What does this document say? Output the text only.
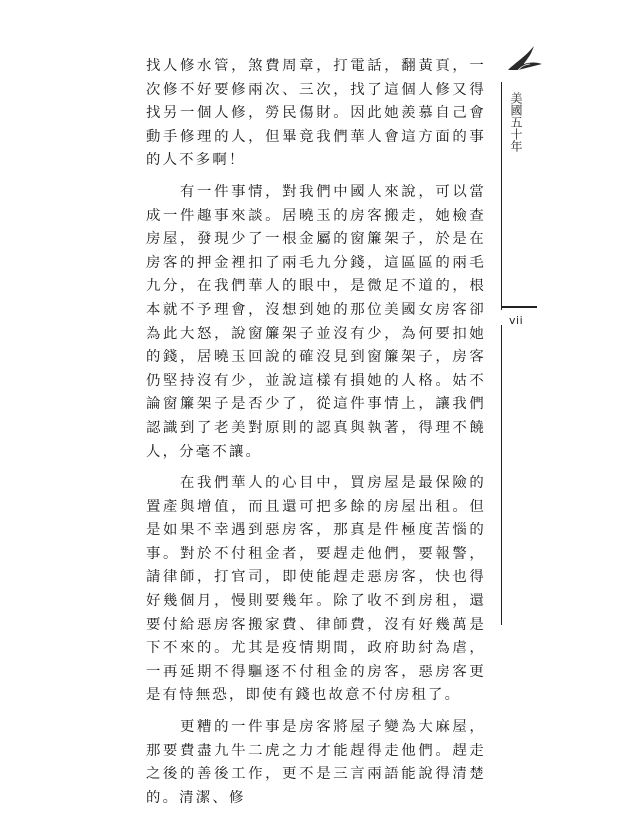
找人修水管，煞費周章，打電話，翻黃頁，一次修不好要修兩次、三次，找了這個人修又得找另一個人修，勞民傷財。因此她羨慕自己會動手修理的人，但畢竟我們華人會這方面的事的人不多啊！

　　有一件事情，對我們中國人來說，可以當成一件趣事來談。居曉玉的房客搬走，她檢查房屋，發現少了一根金屬的窗簾架子，於是在房客的押金裡扣了兩毛九分錢，這區區的兩毛九分，在我們華人的眼中，是微足不道的，根本就不予理會，沒想到她的那位美國女房客卻為此大怒，說窗簾架子並沒有少，為何要扣她的錢，居曉玉回說的確沒見到窗簾架子，房客仍堅持沒有少，並說這樣有損她的人格。姑不論窗簾架子是否少了，從這件事情上，讓我們認識到了老美對原則的認真與執著，得理不饒人，分毫不讓。

　　在我們華人的心目中，買房屋是最保險的置產與增值，而且還可把多餘的房屋出租。但是如果不幸遇到惡房客，那真是件極度苦惱的事。對於不付租金者，要趕走他們，要報警，請律師，打官司，即使能趕走惡房客，快也得好幾個月，慢則要幾年。除了收不到房租，還要付給惡房客搬家費、律師費，沒有好幾萬是下不來的。尤其是疫情期間，政府助紂為虐，一再延期不得驅逐不付租金的房客，惡房客更是有恃無恐，即使有錢也故意不付房租了。

　　更糟的一件事是房客將屋子變為大麻屋，那要費盡九牛二虎之力才能趕得走他們。趕走之後的善後工作，更不是三言兩語能說得清楚的。清潔、修

美國五十年
vii
